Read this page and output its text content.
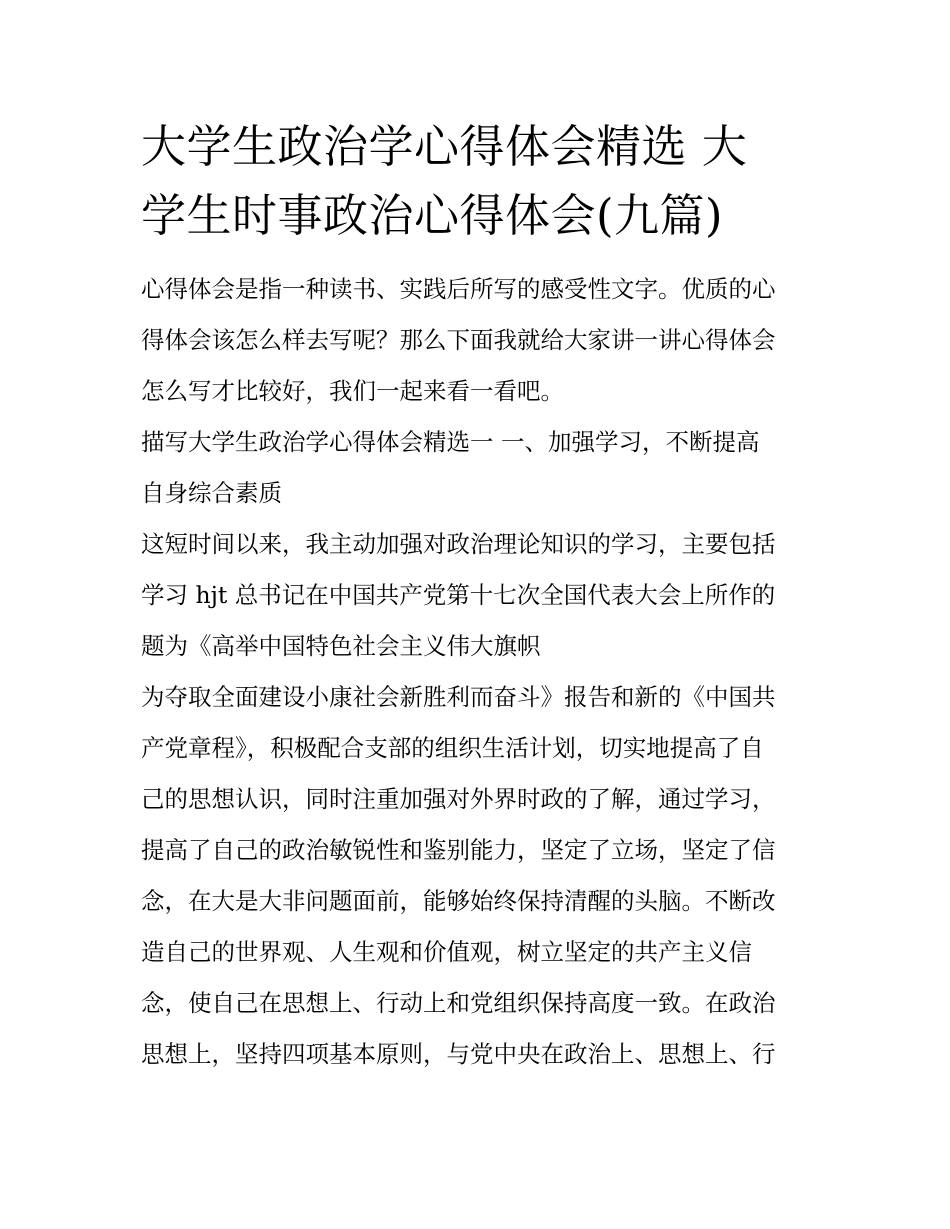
大学生政治学心得体会精选 大
学生时事政治心得体会(九篇)
心得体会是指一种读书、实践后所写的感受性文字。优质的心
得体会该怎么样去写呢？那么下面我就给大家讲一讲心得体会
怎么写才比较好，我们一起来看一看吧。
描写大学生政治学心得体会精选一 一、加强学习，不断提高
自身综合素质
这短时间以来，我主动加强对政治理论知识的学习，主要包括
学习 hjt 总书记在中国共产党第十七次全国代表大会上所作的
题为《高举中国特色社会主义伟大旗帜
为夺取全面建设小康社会新胜利而奋斗》报告和新的《中国共
产党章程》，积极配合支部的组织生活计划，切实地提高了自
己的思想认识，同时注重加强对外界时政的了解，通过学习，
提高了自己的政治敏锐性和鉴别能力，坚定了立场，坚定了信
念，在大是大非问题面前，能够始终保持清醒的头脑。不断改
造自己的世界观、人生观和价值观，树立坚定的共产主义信
念，使自己在思想上、行动上和党组织保持高度一致。在政治
思想上，坚持四项基本原则，与党中央在政治上、思想上、行
